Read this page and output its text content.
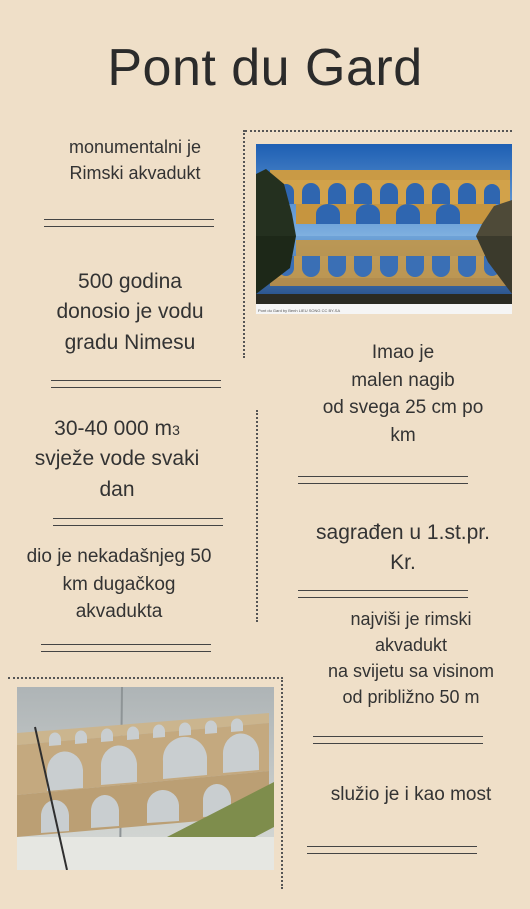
Pont du Gard
monumentalni je
Rimski akvadukt
500 godina
donosio je vodu
gradu Nimesu
30-40 000 m3
svježe vode svaki
dan
dio je nekadašnjeg 50
km dugačkog
akvadukta
Pont du Gard by Benh LIEU SONG CC BY-SA
Imao je
malen nagib
od svega 25 cm po
km
sagrađen u 1.st.pr.
Kr.
najviši je rimski
akvadukt
na svijetu sa visinom
od približno 50 m
služio je i kao most
